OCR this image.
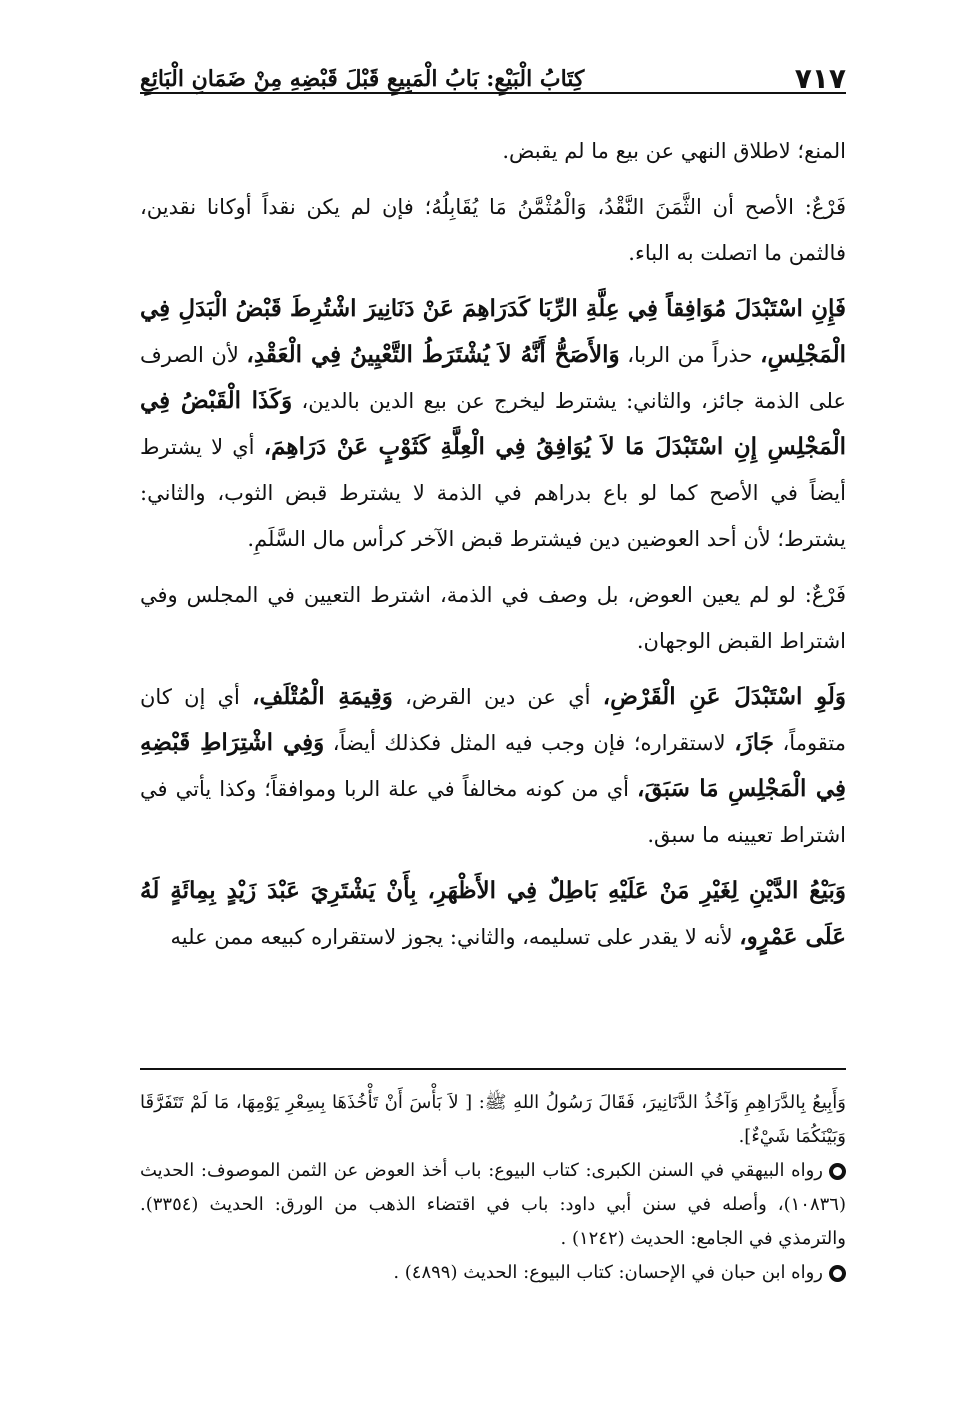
٧١٧
كِتَابُ الْبَيْعِ: بَابُ الْمَبِيعِ قَبْلَ قَبْضِهِ مِنْ ضَمَانِ الْبَائِعِ

المنع؛ لاطلاق النهي عن بيع ما لم يقبض.

فَرْعٌ: الأصح أن الثَّمَنَ النَّقْدُ، وَالْمُثْمَّنُ مَا يُقَابِلُهُ؛ فإن لم يكن نقداً أوكانا نقدين، فالثمن ما اتصلت به الباء.

فَإِنِ اسْتَبْدَلَ مُوَافِقاً فِي عِلَّةِ الرِّبَا كَدَرَاهِمَ عَنْ دَنَانِيرَ اشْتُرِطَ قَبْضُ الْبَدَلِ فِي الْمَجْلِسِ، حذراً من الربا، وَالأَصَحُّ أَنَّهُ لاَ يُشْتَرَطُ التَّعْيِينُ فِي الْعَقْدِ، لأن الصرف على الذمة جائز، والثاني: يشترط ليخرج عن بيع الدين بالدين، وَكَذَا الْقَبْضُ فِي الْمَجْلِسِ إِنِ اسْتَبْدَلَ مَا لاَ يُوَافِقُ فِي الْعِلَّةِ كَثَوْبٍ عَنْ دَرَاهِمَ، أي لا يشترط أيضاً في الأصح كما لو باع بدراهم في الذمة لا يشترط قبض الثوب، والثاني: يشترط؛ لأن أحد العوضين دين فيشترط قبض الآخر كرأس مال السَّلَمِ.

فَرْعٌ: لو لم يعين العوض، بل وصف في الذمة، اشترط التعيين في المجلس وفي اشتراط القبض الوجهان.

وَلَوِ اسْتَبْدَلَ عَنِ الْقَرْضِ، أي عن دين القرض، وَقِيمَةِ الْمُتْلَفِ، أي إن كان متقوماً، جَازَ، لاستقراره؛ فإن وجب فيه المثل فكذلك أيضاً، وَفِي اشْتِرَاطِ قَبْضِهِ فِي الْمَجْلِسِ مَا سَبَقَ، أي من كونه مخالفاً في علة الربا وموافقاً؛ وكذا يأتي في اشتراط تعيينه ما سبق.

وَبَيْعُ الدَّيْنِ لِغَيْرِ مَنْ عَلَيْهِ بَاطِلٌ فِي الأَظْهَرِ، بِأَنْ يَشْتَرِيَ عَبْدَ زَيْدٍ بِمِائَةٍ لَهُ عَلَى عَمْرٍو، لأنه لا يقدر على تسليمه، والثاني: يجوز لاستقراره كبيعه ممن عليه

وَأَبِيعُ بِالدَّرَاهِمِ وَآخُذُ الدَّنَانِيرَ، فَقَالَ رَسُولُ اللهِ ﷺ: [ لاَ بَأْسَ أَنْ تَأْخُذَهَا بِسِعْرِ يَوْمِهَا، مَا لَمْ تَتَفَرَّقَا وَبَيْنَكُمَا شَيْءٌ].

رواه البيهقي في السنن الكبرى: كتاب البيوع: باب أخذ العوض عن الثمن الموصوف: الحديث (١٠٨٣٦)، وأصله في سنن أبي داود: باب في اقتضاء الذهب من الورق: الحديث (٣٣٥٤). والترمذي في الجامع: الحديث (١٢٤٢) .

رواه ابن حبان في الإحسان: كتاب البيوع: الحديث (٤٨٩٩) .
